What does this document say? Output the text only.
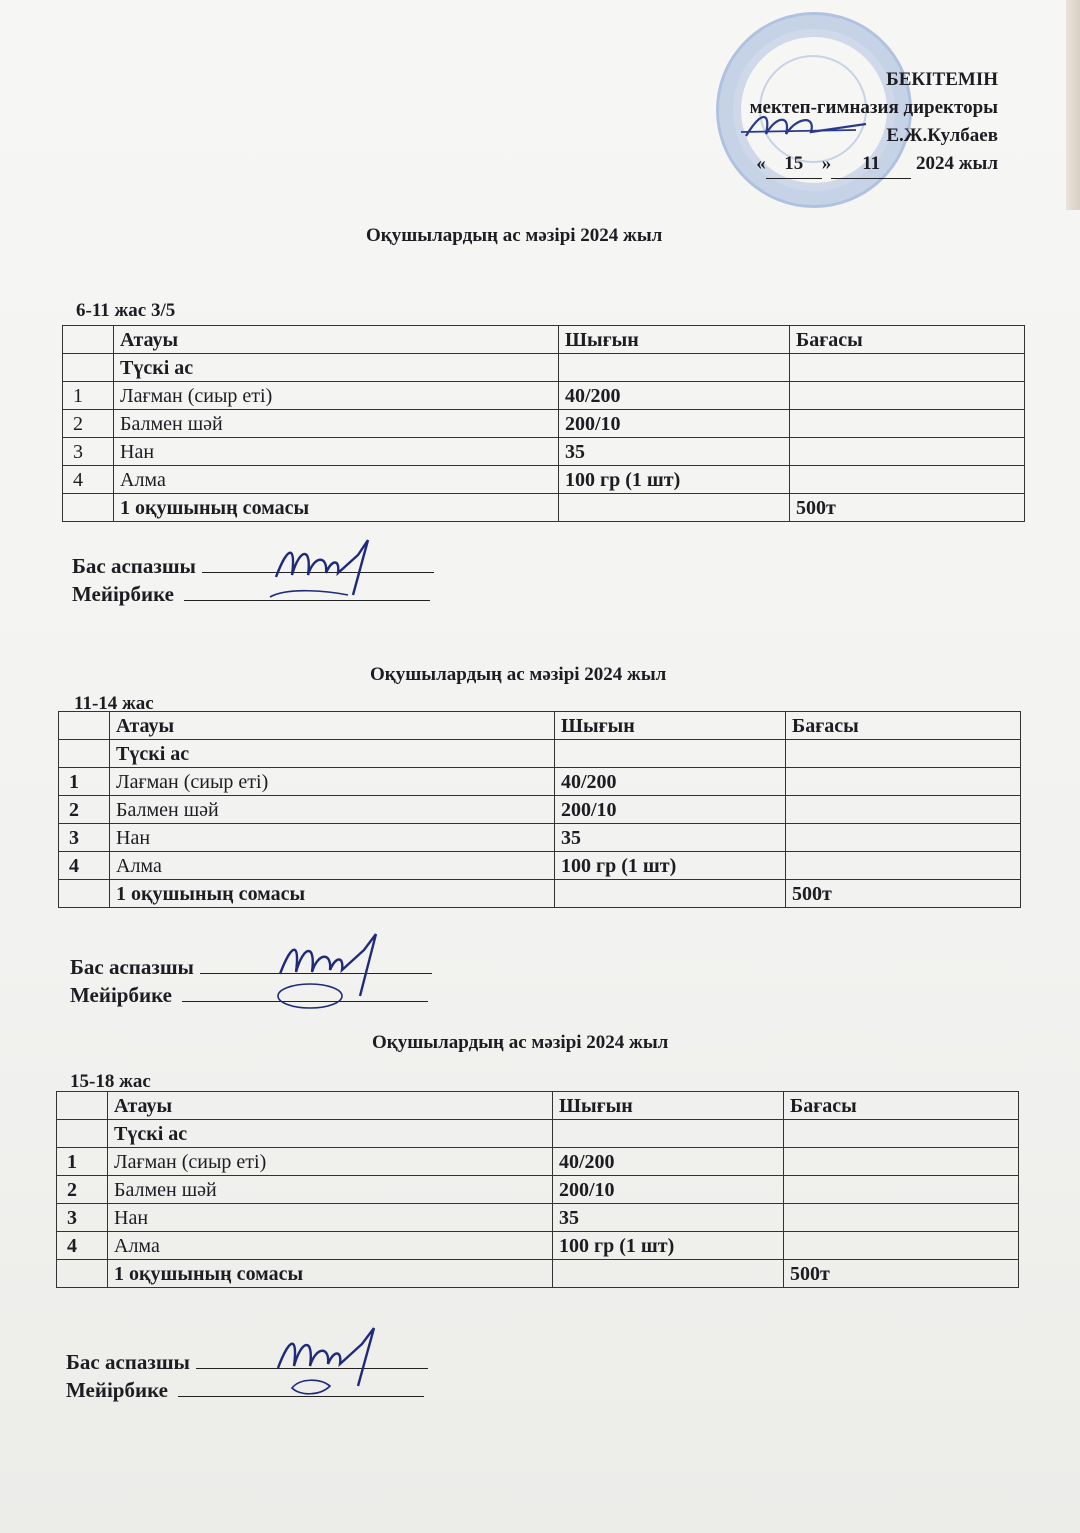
БЕКІТЕМІН
мектеп-гимназия директоры
Е.Ж.Кулбаев
« 15 »	11
	2024 жыл
Оқушылардың ас мәзірі 2024 жыл
6-11 жас 3/5
	Атауы	Шығын	Бағасы
	Түскі ас		
1	Лағман (сиыр еті)	40/200	
2	Балмен шәй	200/10	
3	Нан	35	
4	Алма	100 гр (1 шт)	
	1 оқушының сомасы		500т
Бас аспазшы
Мейірбике
Оқушылардың ас мәзірі 2024 жыл
11-14 жас
	Атауы	Шығын	Бағасы
	Түскі ас		
1	Лағман (сиыр еті)	40/200	
2	Балмен шәй	200/10	
3	Нан	35	
4	Алма	100 гр (1 шт)	
	1 оқушының сомасы		500т
Бас аспазшы
Мейірбике
Оқушылардың ас мәзірі 2024 жыл
15-18 жас
	Атауы	Шығын	Бағасы
	Түскі ас		
1	Лағман (сиыр еті)	40/200	
2	Балмен шәй	200/10	
3	Нан	35	
4	Алма	100 гр (1 шт)	
	1 оқушының сомасы		500т
Бас аспазшы
Мейірбике
